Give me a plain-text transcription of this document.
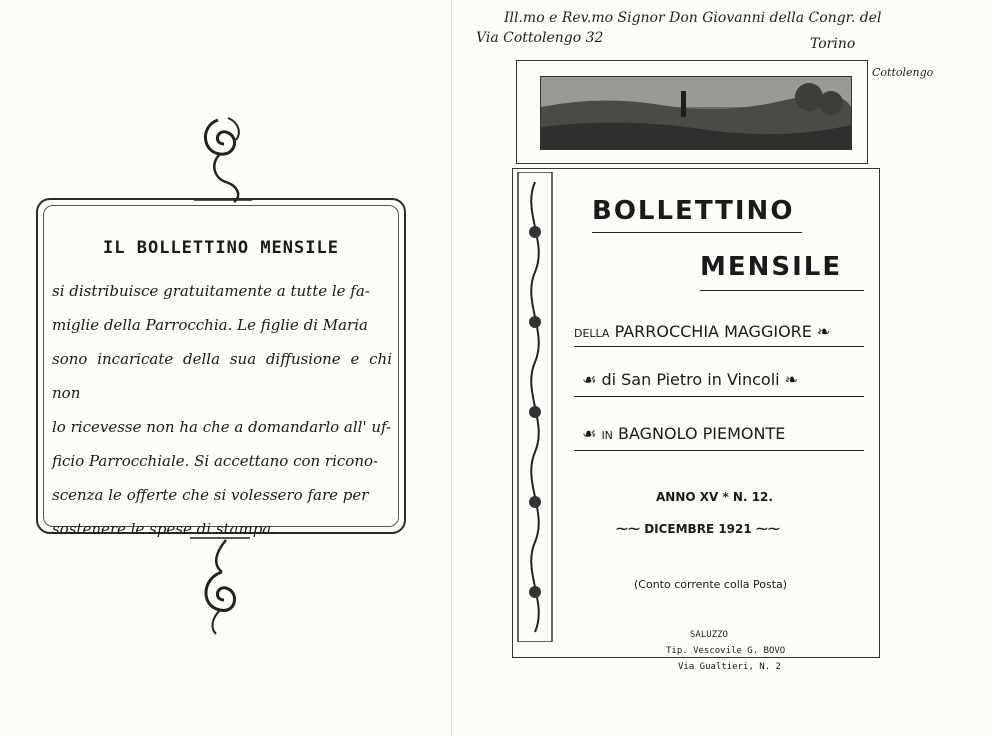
IL BOLLETTINO MENSILE
si distribuisce gratuitamente a tutte le fa-
miglie della Parrocchia. Le figlie di Maria
sono incaricate della sua diffusione e chi non
lo ricevesse non ha che a domandarlo all' uf-
ficio Parrocchiale. Si accettano con ricono-
scenza le offerte che si volessero fare per
sostenere le spese di stampa.
Ill.mo e Rev.mo Signor Don Giovanni della Congr. del
Via Cottolengo 32	Torino
Cottolengo
BOLLETTINO
MENSILE
DELLA PARROCCHIA MAGGIORE ❧
☙ di San Pietro in Vincoli ❧
☙ IN BAGNOLO PIEMONTE
ANNO XV * N. 12.
⁓⁓ DICEMBRE 1921 ⁓⁓
(Conto corrente colla Posta)
SALUZZO
Tip. Vescovile G. BOVO
Via Gualtieri, N. 2
